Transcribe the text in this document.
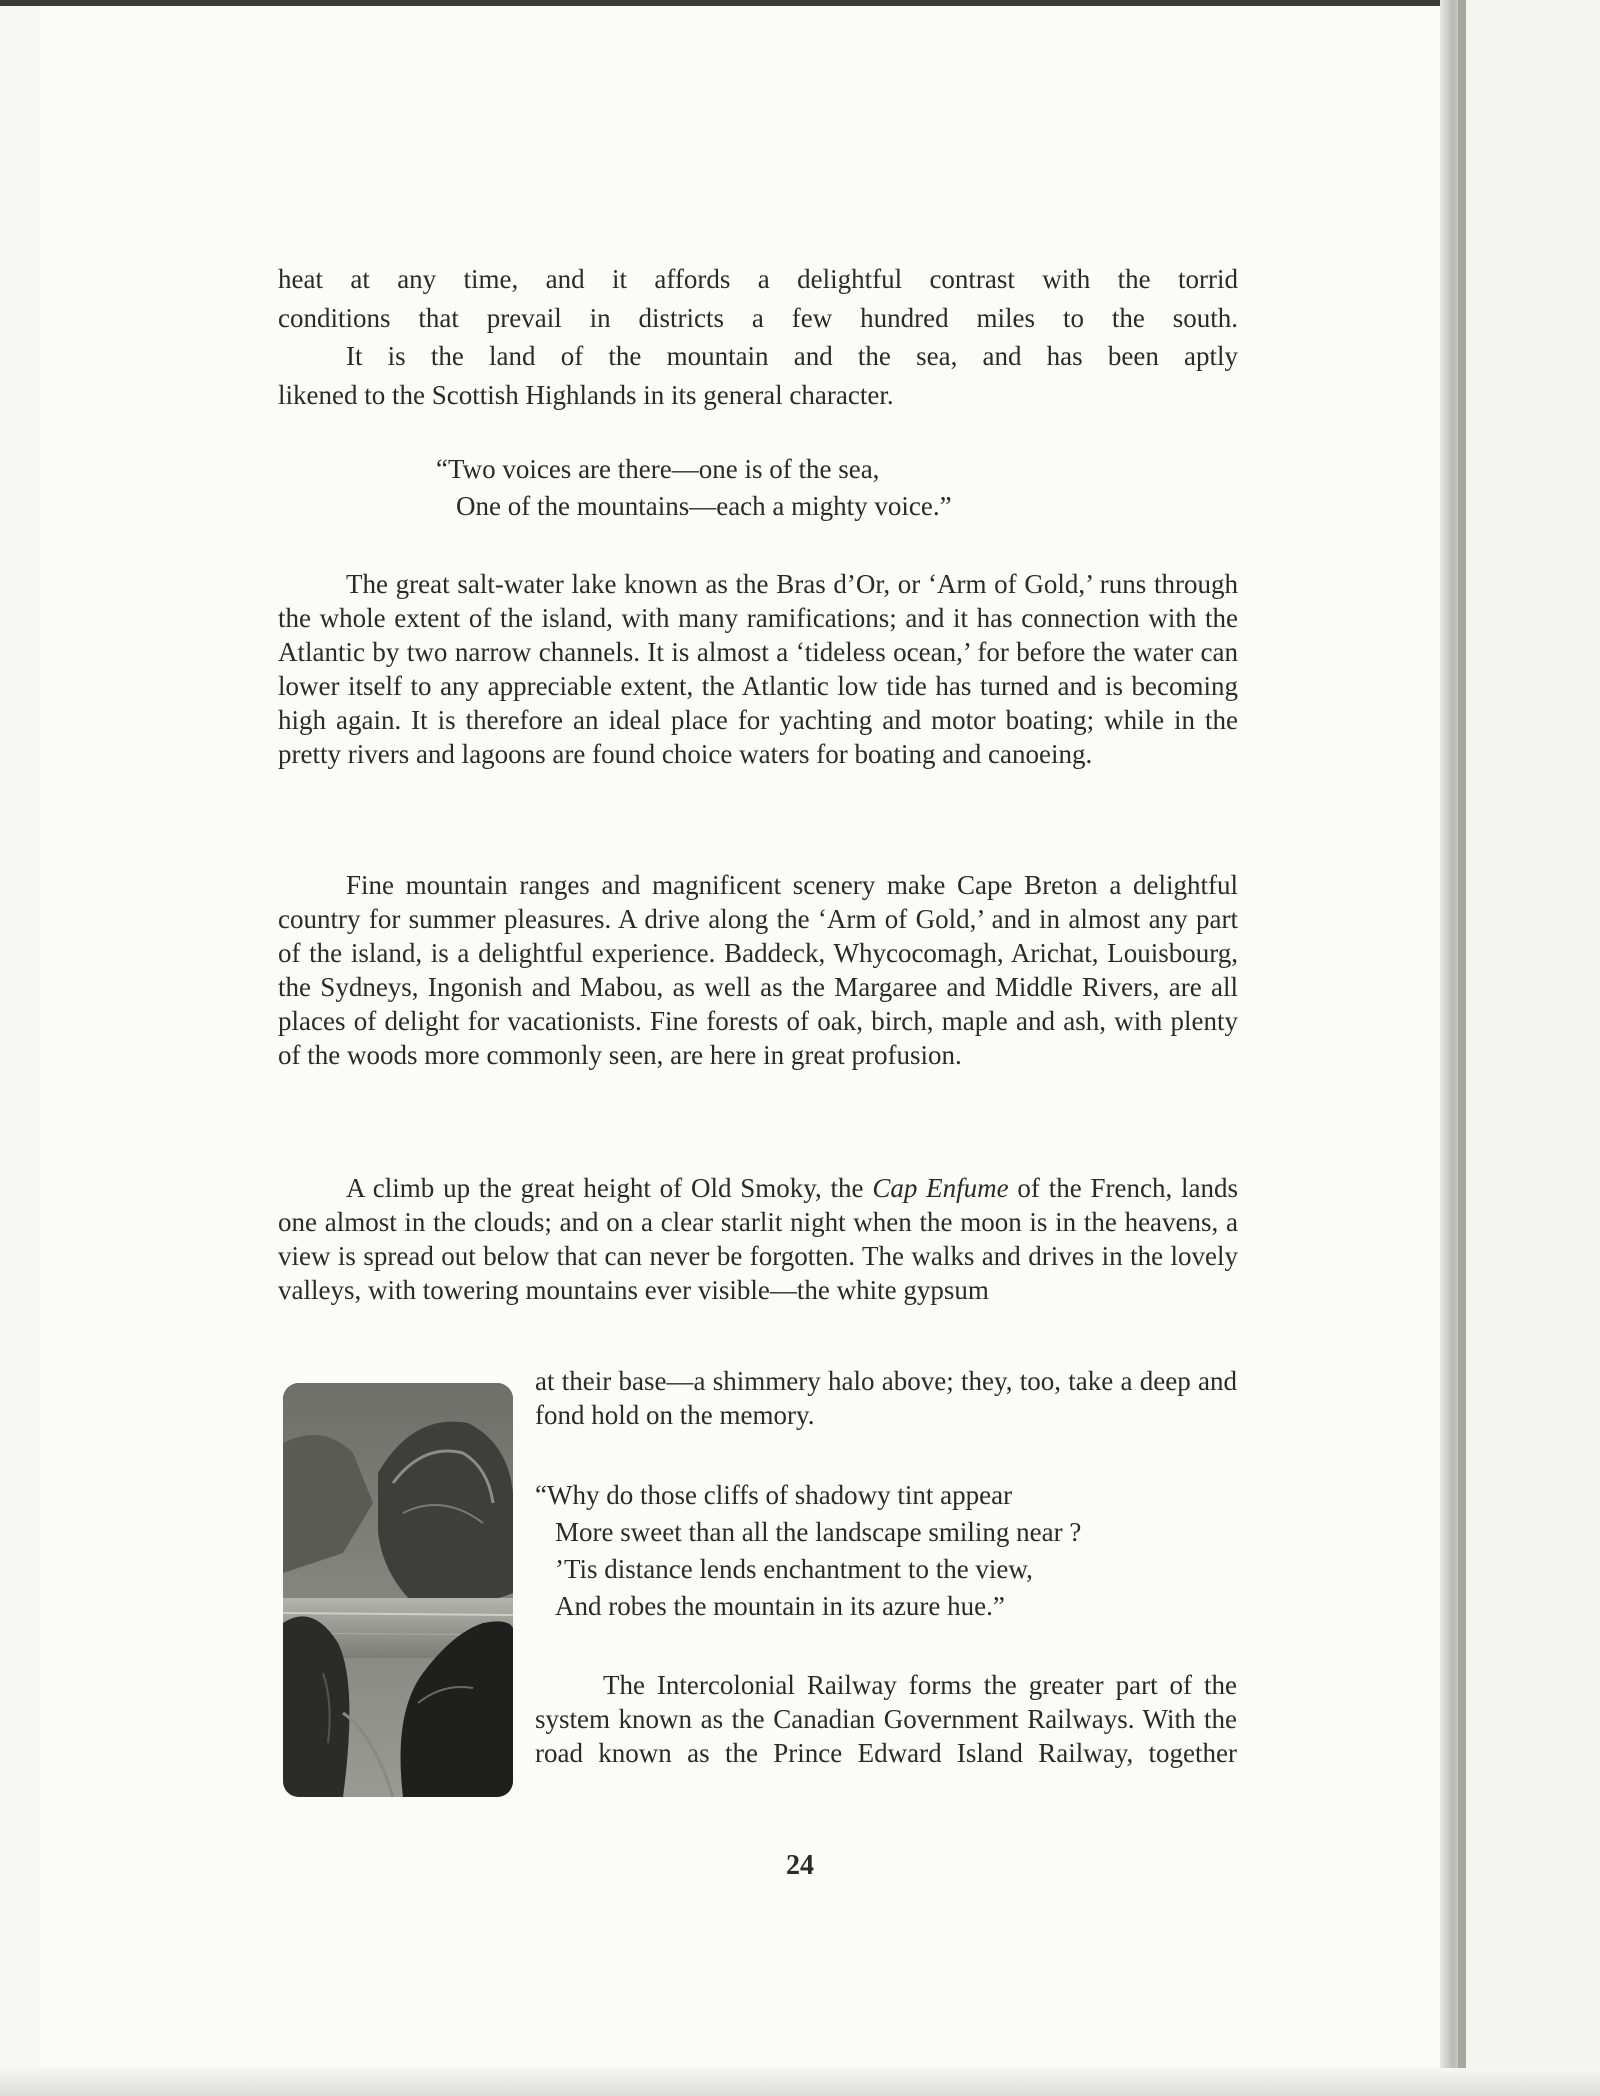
heat at any time, and it affords a delightful contrast with the torrid
conditions that prevail in districts a few hundred miles to the south.
It is the land of the mountain and the sea, and has been aptly
likened to the Scottish Highlands in its general character.
“Two voices are there—one is of the sea,
One of the mountains—each a mighty voice.”
The great salt-water lake known as the Bras d’Or, or ‘Arm of Gold,’ runs through the whole extent of the island, with many ramifications; and it has connection with the Atlantic by two narrow channels. It is almost a ‘tideless ocean,’ for before the water can lower itself to any appreciable extent, the Atlantic low tide has turned and is becoming high again. It is therefore an ideal place for yachting and motor boating; while in the pretty rivers and lagoons are found choice waters for boating and canoeing.
Fine mountain ranges and magnificent scenery make Cape Breton a delightful country for summer pleasures. A drive along the ‘Arm of Gold,’ and in almost any part of the island, is a delightful experience. Baddeck, Whycocomagh, Arichat, Louisbourg, the Sydneys, Ingonish and Mabou, as well as the Margaree and Middle Rivers, are all places of delight for vacationists. Fine forests of oak, birch, maple and ash, with plenty of the woods more commonly seen, are here in great profusion.
A climb up the great height of Old Smoky, the Cap Enfume of the French, lands one almost in the clouds; and on a clear starlit night when the moon is in the heavens, a view is spread out below that can never be forgotten. The walks and drives in the lovely valleys, with towering mountains ever visible—the white gypsum
at their base—a shimmery halo above; they, too, take a deep and fond hold on the memory.
“Why do those cliffs of shadowy tint appear
More sweet than all the landscape smiling near ?
’Tis distance lends enchantment to the view,
And robes the mountain in its azure hue.”
The Intercolonial Railway forms the greater part of the system known as the Canadian Government Railways. With the road known as the Prince Edward Island Railway, together
24
